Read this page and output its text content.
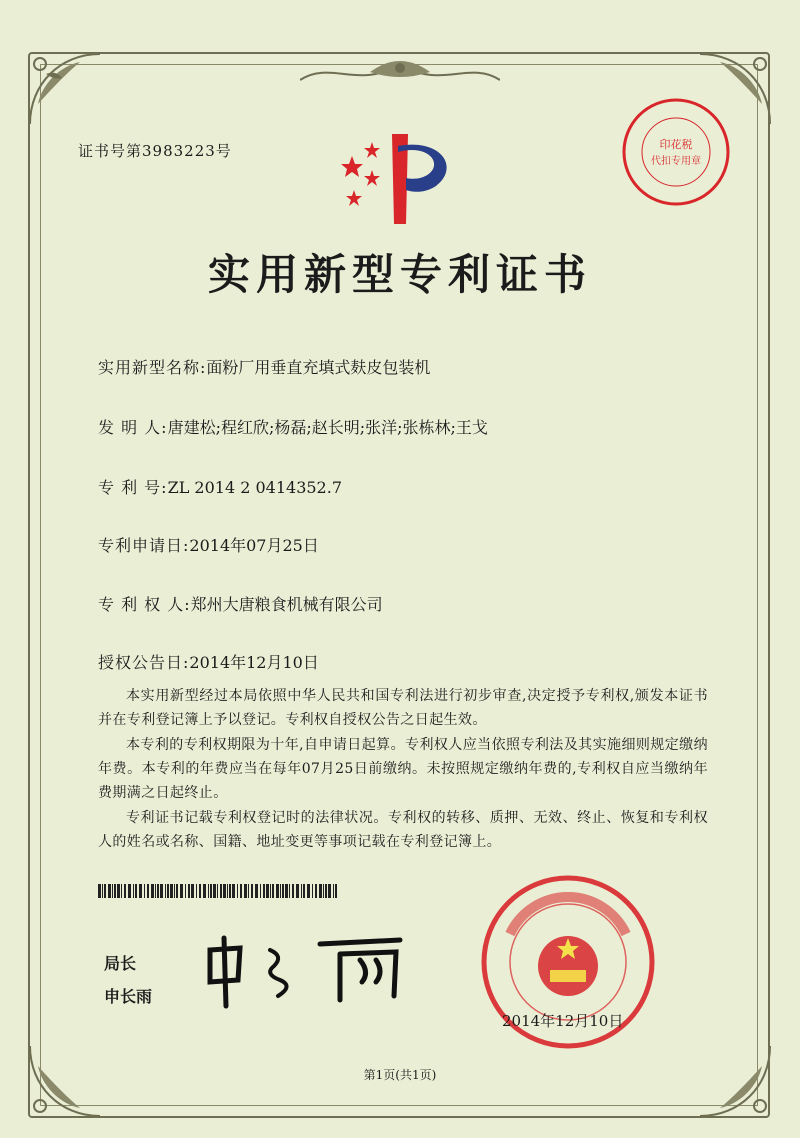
证书号第3983223号	印花税
代扣专用章
实用新型专利证书
实用新型名称:面粉厂用垂直充填式麸皮包装机
发 明 人:唐建松;程红欣;杨磊;赵长明;张洋;张栋林;王戈
专 利 号:ZL 2014 2 0414352.7
专利申请日:2014年07月25日
专 利 权 人:郑州大唐粮食机械有限公司
授权公告日:2014年12月10日
本实用新型经过本局依照中华人民共和国专利法进行初步审查,决定授予专利权,颁发本证书并在专利登记簿上予以登记。专利权自授权公告之日起生效。
本专利的专利权期限为十年,自申请日起算。专利权人应当依照专利法及其实施细则规定缴纳年费。本专利的年费应当在每年07月25日前缴纳。未按照规定缴纳年费的,专利权自应当缴纳年费期满之日起终止。
专利证书记载专利权登记时的法律状况。专利权的转移、质押、无效、终止、恢复和专利权人的姓名或名称、国籍、地址变更等事项记载在专利登记簿上。
局长
申长雨
2014年12月10日
第1页(共1页)
